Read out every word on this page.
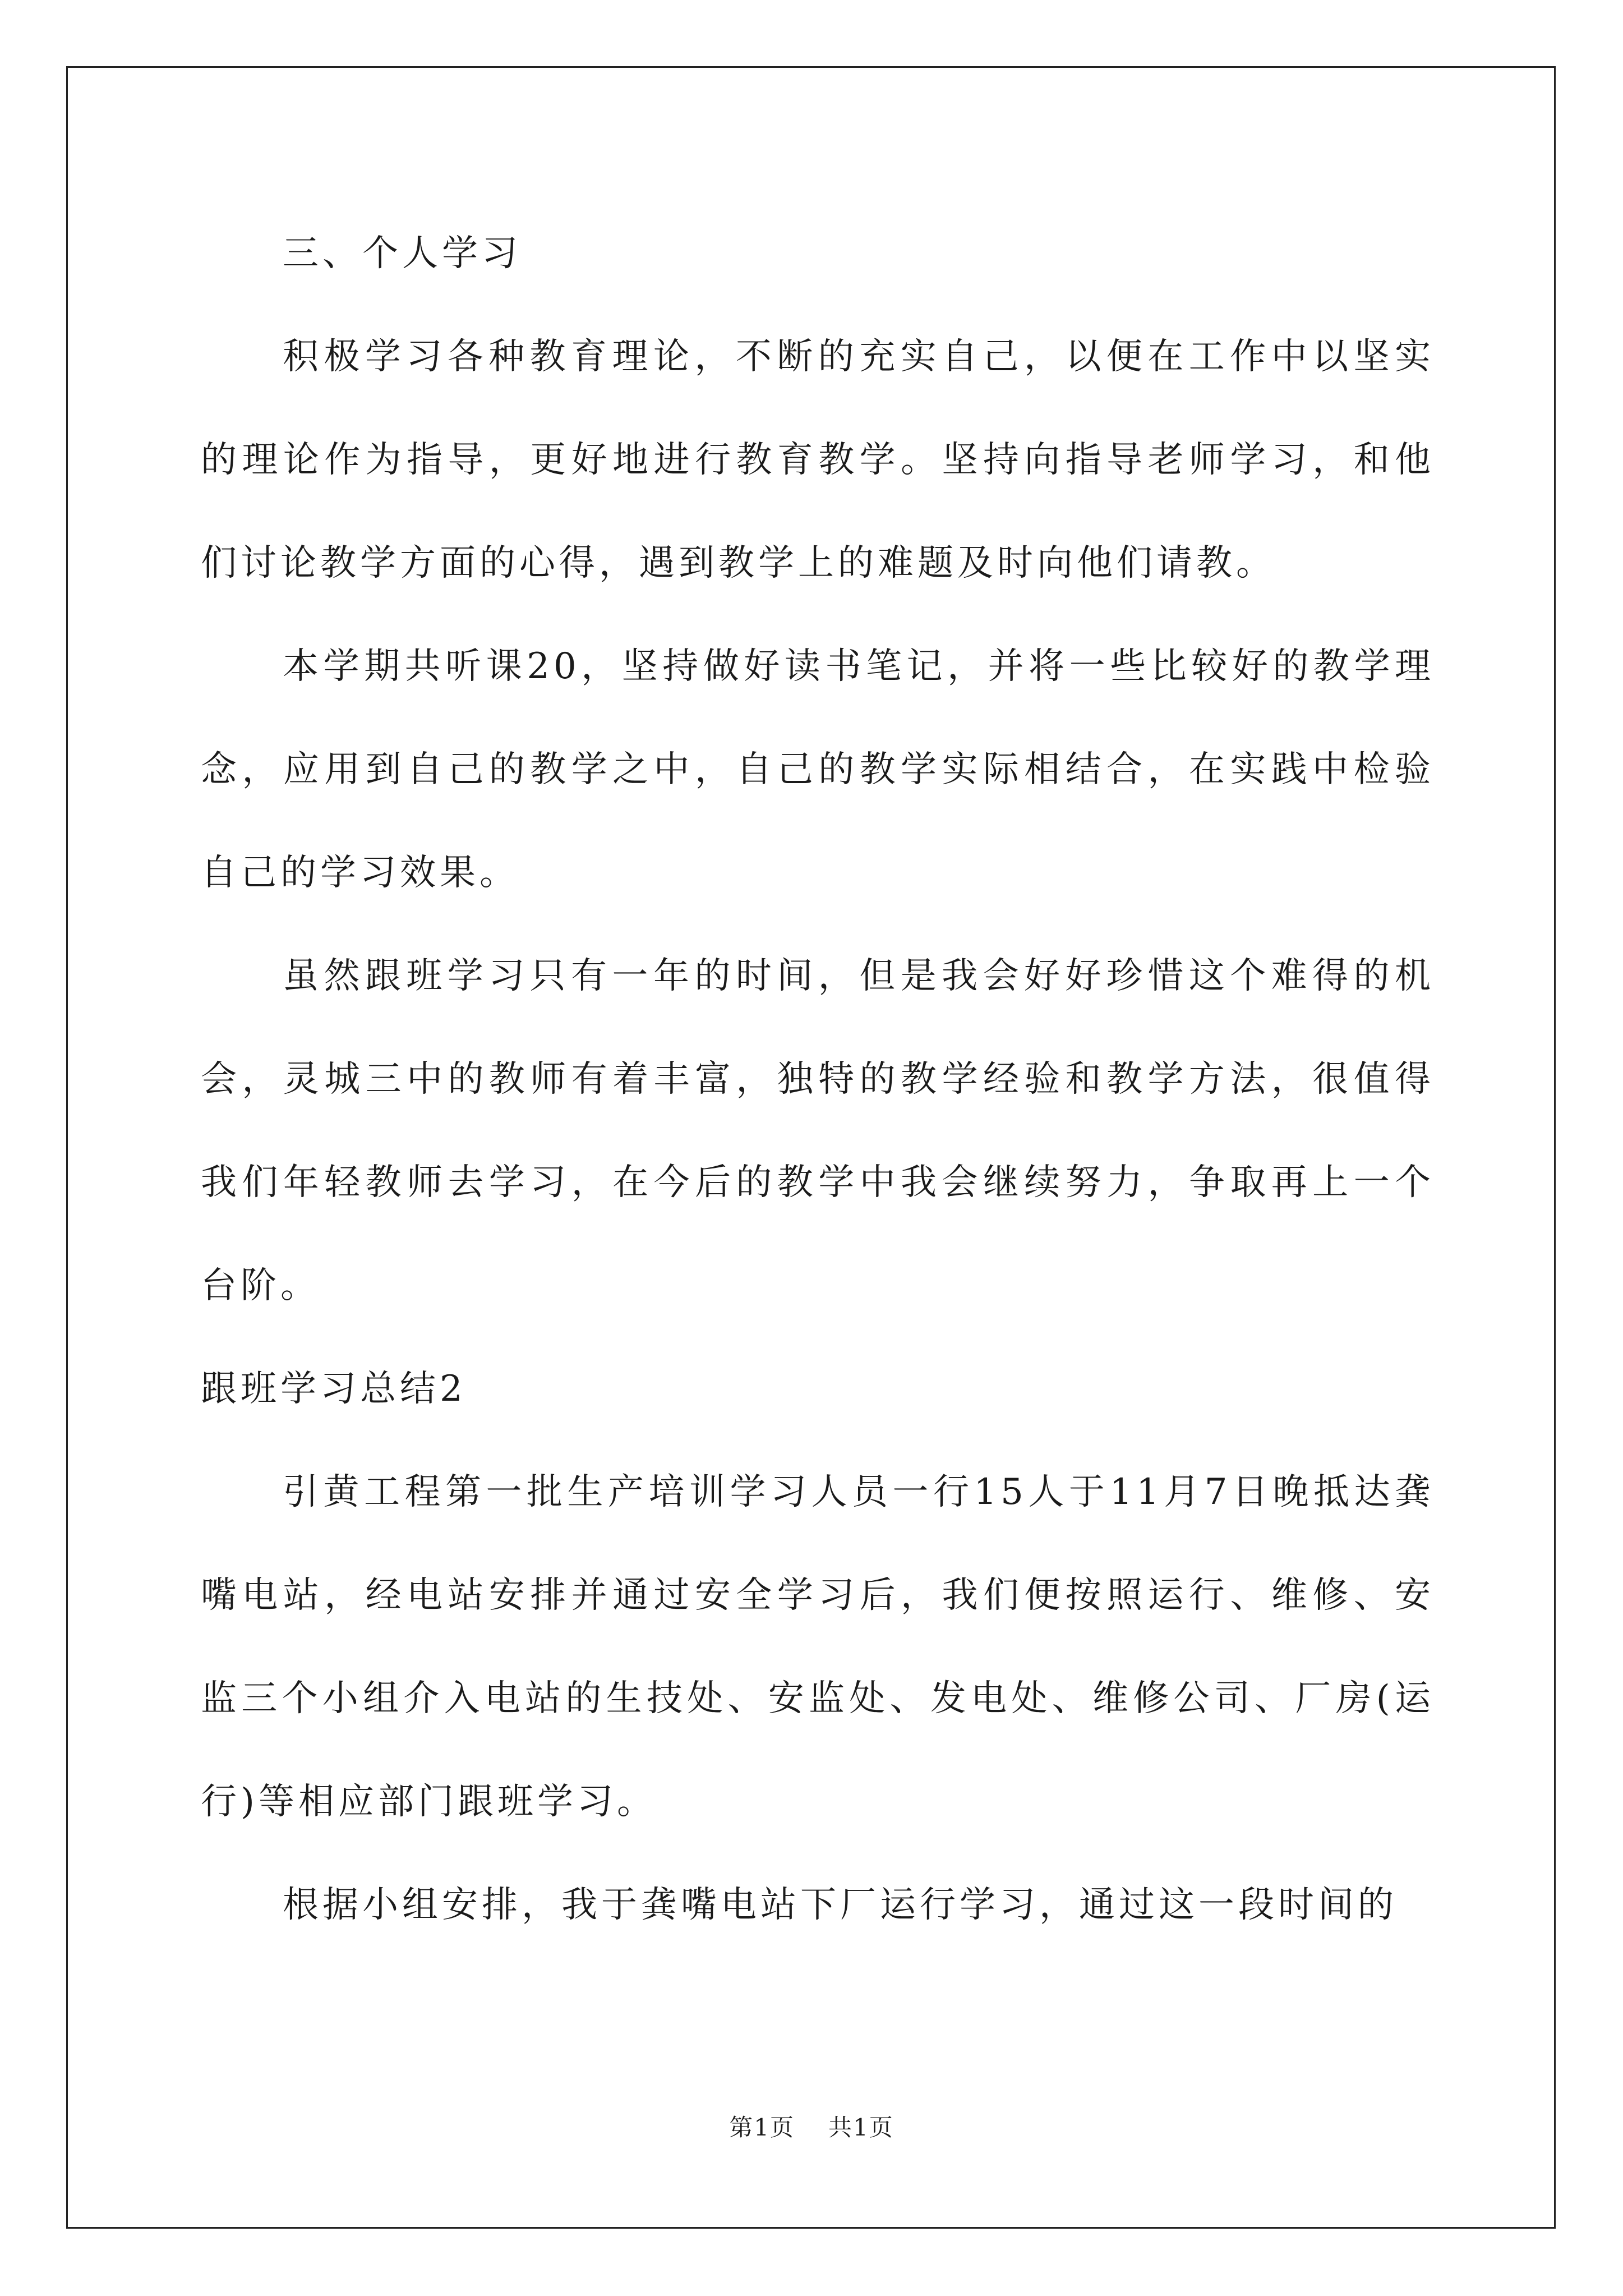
三、个人学习

积极学习各种教育理论，不断的充实自己，以便在工作中以坚实的理论作为指导，更好地进行教育教学。坚持向指导老师学习，和他们讨论教学方面的心得，遇到教学上的难题及时向他们请教。

本学期共听课20，坚持做好读书笔记，并将一些比较好的教学理念，应用到自己的教学之中，自己的教学实际相结合，在实践中检验自己的学习效果。

虽然跟班学习只有一年的时间，但是我会好好珍惜这个难得的机会，灵城三中的教师有着丰富，独特的教学经验和教学方法，很值得我们年轻教师去学习，在今后的教学中我会继续努力，争取再上一个台阶。

跟班学习总结2

引黄工程第一批生产培训学习人员一行15人于11月7日晚抵达龚嘴电站，经电站安排并通过安全学习后，我们便按照运行、维修、安监三个小组介入电站的生技处、安监处、发电处、维修公司、厂房(运行)等相应部门跟班学习。

根据小组安排，我于龚嘴电站下厂运行学习，通过这一段时间的

第1页 共1页
